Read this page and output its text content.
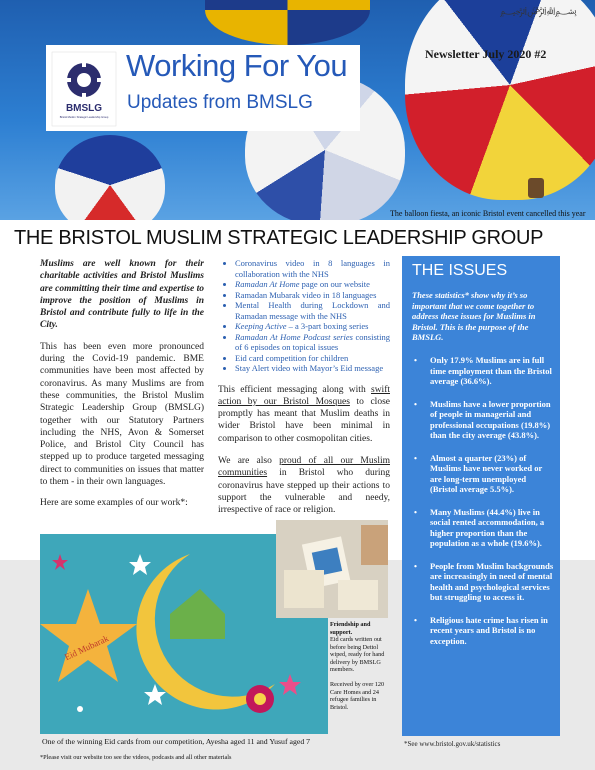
﷽
BMSLG
Bristol Muslim Strategic Leadership Group
Working For You
Updates from BMSLG
Newsletter July 2020 #2
The balloon fiesta, an iconic Bristol event cancelled this year
THE BRISTOL MUSLIM STRATEGIC LEADERSHIP GROUP

Muslims are well known for their charitable activities and Bristol Muslims are committing their time and expertise to improve the position of Muslims in Bristol and contribute fully to life in the City.

This has been even more pronounced during the Covid-19 pandemic. BME communities have been most affected by coronavirus. As many Muslims are from these communities, the Bristol Muslim Strategic Leadership Group (BMSLG) together with our Statutory Partners including the NHS, Avon & Somerset Police, and Bristol City Council has stepped up to produce targeted messaging direct to communities on issues that matter to them - in their own languages.

Here are some examples of our work*:

• Coronavirus video in 8 languages in collaboration with the NHS
• Ramadan At Home page on our website
• Ramadan Mubarak video in 18 languages
• Mental Health during Lockdown and Ramadan message with the NHS
• Keeping Active – a 3-part boxing series
• Ramadan At Home Podcast series consisting of 6 episodes on topical issues
• Eid card competition for children
• Stay Alert video with Mayor’s Eid message

This efficient messaging along with swift action by our Bristol Mosques to close promptly has meant that Muslim deaths in wider Bristol have been minimal in comparison to other cosmopolitan cities.

We are also proud of all our Muslim communities in Bristol who during coronavirus have stepped up their actions to support the vulnerable and needy, irrespective of race or religion.

THE ISSUES
These statistics* show why it’s so important that we come together to address these issues for Muslims in Bristol. This is the purpose of the BMSLG.
• Only 17.9% Muslims are in full time employment than the Bristol average (36.6%).
• Muslims have a lower proportion of people in managerial and professional occupations (19.8%) than the city average (43.8%).
• Almost a quarter (23%) of Muslims have never worked or are long-term unemployed (Bristol average 5.5%).
• Many Muslims (44.4%) live in social rented accommodation, a higher proportion than the population as a whole (19.6%).
• People from Muslim backgrounds are increasingly in need of mental health and psychological services but struggling to access it.
• Religious hate crime has risen in recent years and Bristol is no exception.
*See www.bristol.gov.uk/statistics
Eid Mubarak
Friendship and support.
Eid cards written out before being Dettol wiped, ready for hand delivery by BMSLG members.

Received by over 120 Care Homes and 24 refugee families in Bristol.
One of the winning Eid cards from our competition, Ayesha aged 11 and Yusuf aged 7
*Please visit our website too see the videos, podcasts and all other materials
